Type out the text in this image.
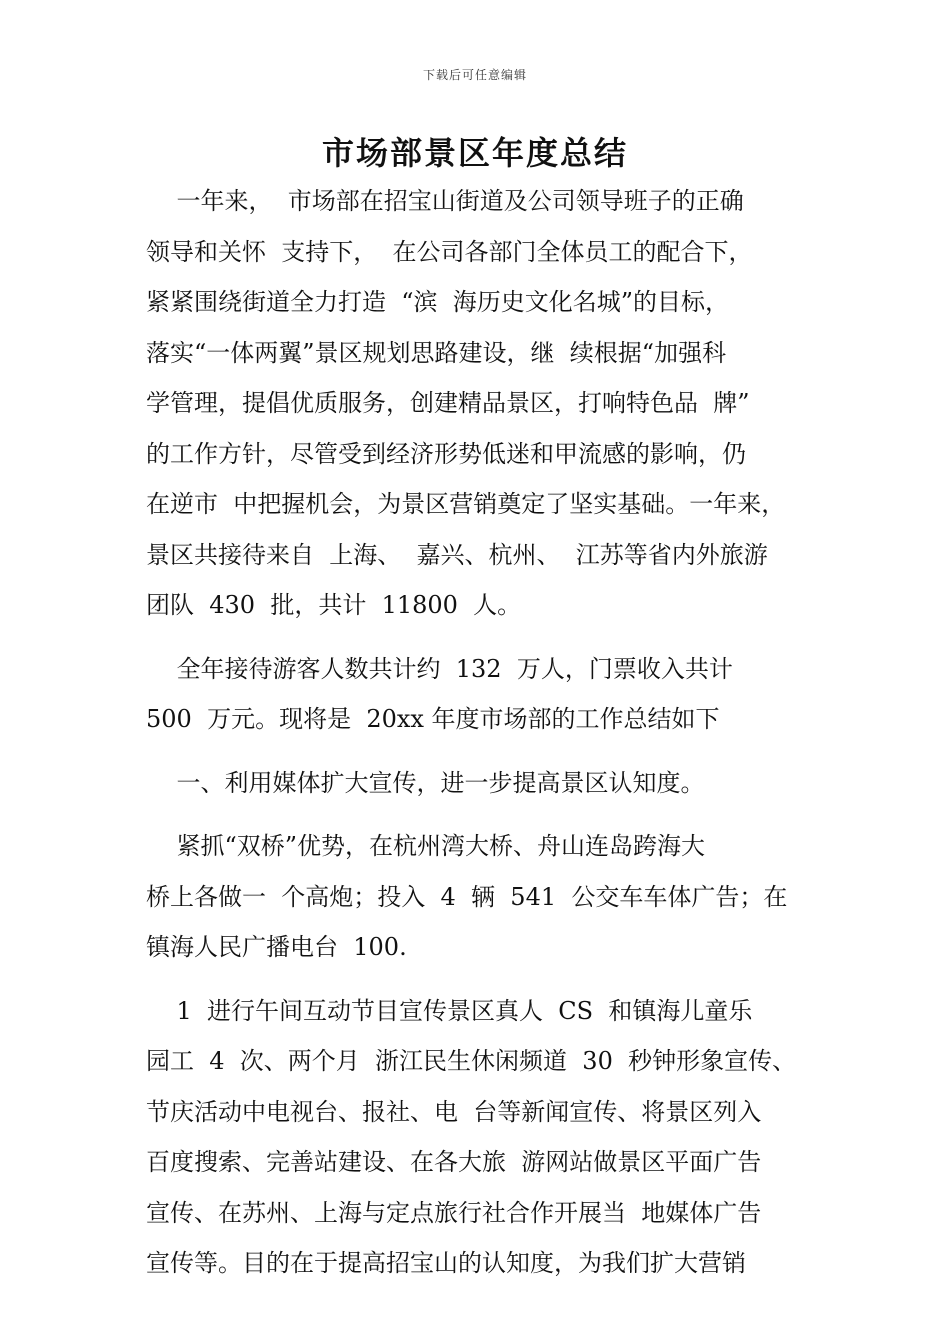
下载后可任意编辑
市场部景区年度总结
一年来，  市场部在招宝山街道及公司领导班子的正确
领导和关怀  支持下，  在公司各部门全体员工的配合下，
紧紧围绕街道全力打造  “滨  海历史文化名城”的目标，
落实“一体两翼”景区规划思路建设，继  续根据“加强科
学管理，提倡优质服务，创建精品景区，打响特色品  牌”
的工作方针，尽管受到经济形势低迷和甲流感的影响，仍
在逆市  中把握机会，为景区营销奠定了坚实基础。一年来，
景区共接待来自  上海、  嘉兴、杭州、  江苏等省内外旅游
团队  430  批，共计  11800  人。
全年接待游客人数共计约  132  万人，门票收入共计
500  万元。现将是  20xx 年度市场部的工作总结如下
一、利用媒体扩大宣传，进一步提高景区认知度。
紧抓“双桥”优势，在杭州湾大桥、舟山连岛跨海大
桥上各做一  个高炮；投入  4  辆  541  公交车车体广告；在
镇海人民广播电台  100.
1  进行午间互动节目宣传景区真人  CS  和镇海儿童乐
园工  4  次、两个月  浙江民生休闲频道  30  秒钟形象宣传、
节庆活动中电视台、报社、电  台等新闻宣传、将景区列入
百度搜索、完善站建设、在各大旅  游网站做景区平面广告
宣传、在苏州、上海与定点旅行社合作开展当  地媒体广告
宣传等。目的在于提高招宝山的认知度，为我们扩大营销
